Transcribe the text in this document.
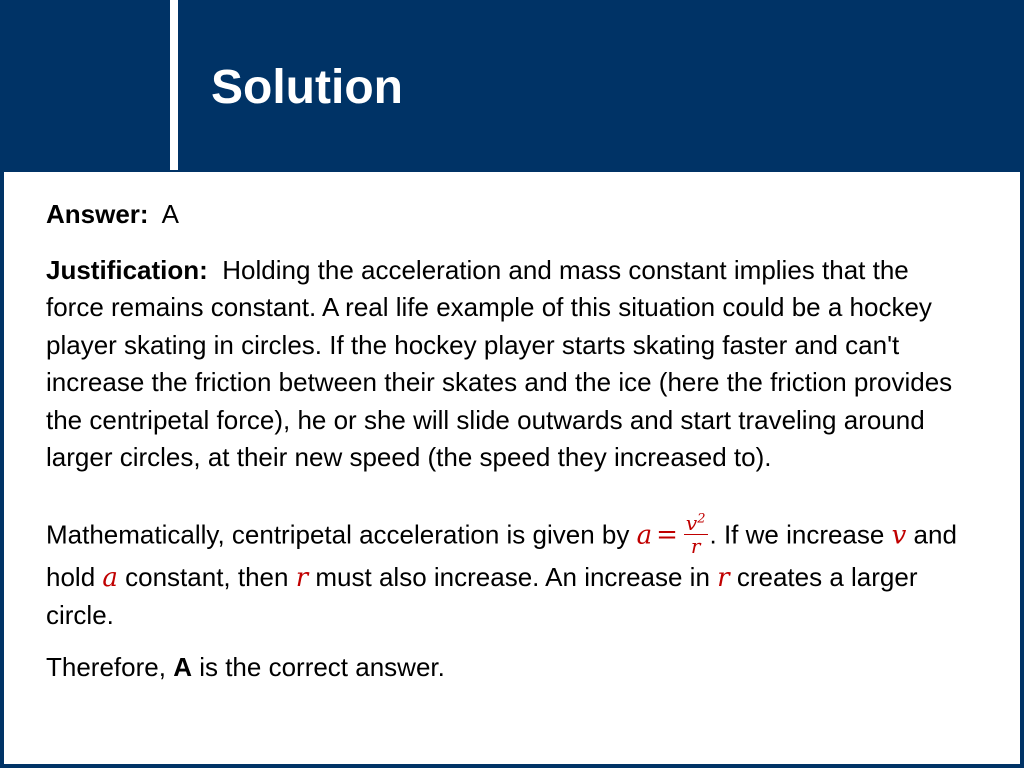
Solution

Answer: A

Justification: Holding the acceleration and mass constant implies that the force remains constant. A real life example of this situation could be a hockey player skating in circles. If the hockey player starts skating faster and can't increase the friction between their skates and the ice (here the friction provides the centripetal force), he or she will slide outwards and start traveling around larger circles, at their new speed (the speed they increased to).

Mathematically, centripetal acceleration is given by $a = \frac{v^2}{r}$ . If we increase v and hold a constant, then r must also increase. An increase in r creates a larger circle.

Therefore, A is the correct answer.
